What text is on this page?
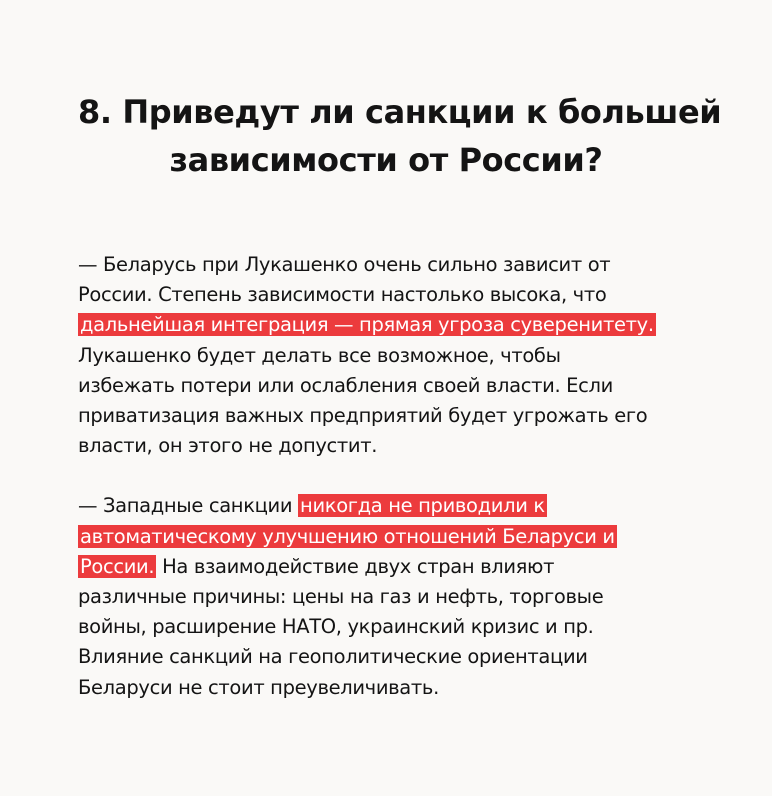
8. Приведут ли санкции к большей
зависимости от России?

— Беларусь при Лукашенко очень сильно зависит от
России. Степень зависимости настолько высока, что
дальнейшая интеграция — прямая угроза суверенитету.
Лукашенко будет делать все возможное, чтобы
избежать потери или ослабления своей власти. Если
приватизация важных предприятий будет угрожать его
власти, он этого не допустит.

— Западные санкции никогда не приводили к
автоматическому улучшению отношений Беларуси и
России. На взаимодействие двух стран влияют
различные причины: цены на газ и нефть, торговые
войны, расширение НАТО, украинский кризис и пр.
Влияние санкций на геополитические ориентации
Беларуси не стоит преувеличивать.
